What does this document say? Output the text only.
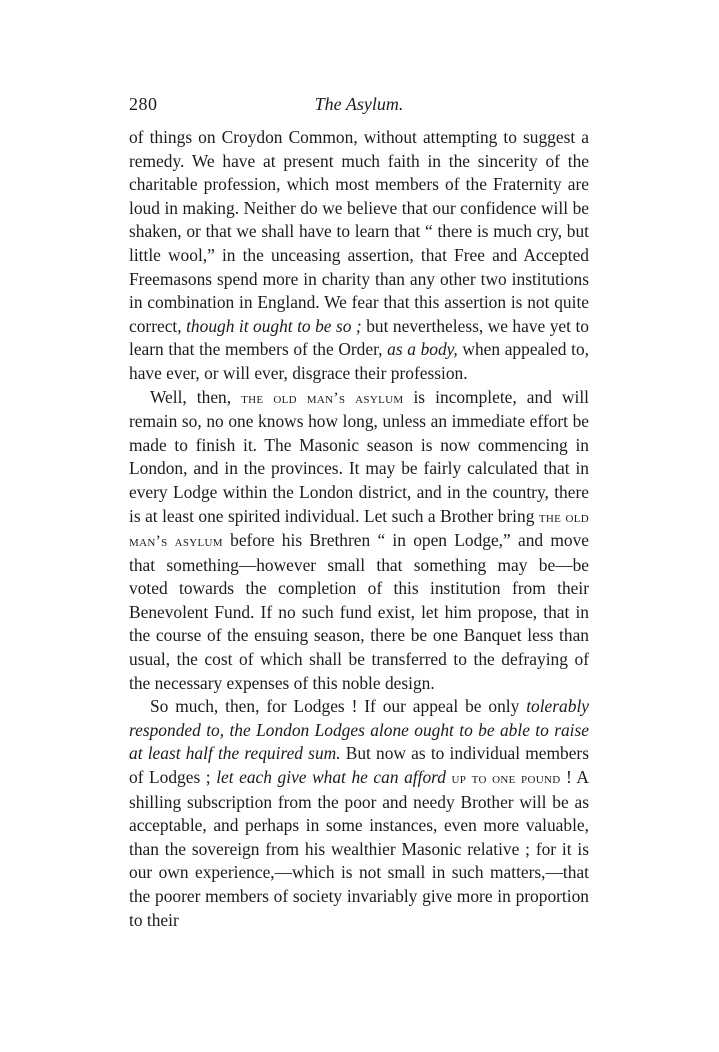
280	The Asylum.

of things on Croydon Common, without attempting to suggest a remedy. We have at present much faith in the sincerity of the charitable profession, which most members of the Fraternity are loud in making. Neither do we believe that our confidence will be shaken, or that we shall have to learn that “ there is much cry, but little wool,” in the unceasing assertion, that Free and Accepted Freemasons spend more in charity than any other two institutions in combination in England. We fear that this assertion is not quite correct, though it ought to be so ; but nevertheless, we have yet to learn that the members of the Order, as a body, when appealed to, have ever, or will ever, disgrace their profession.

Well, then, the old man’s asylum is incomplete, and will remain so, no one knows how long, unless an immediate effort be made to finish it. The Masonic season is now commencing in London, and in the provinces. It may be fairly calculated that in every Lodge within the London district, and in the country, there is at least one spirited individual. Let such a Brother bring the old man’s asylum before his Brethren “ in open Lodge,” and move that something—however small that something may be—be voted towards the completion of this institution from their Benevolent Fund. If no such fund exist, let him propose, that in the course of the ensuing season, there be one Banquet less than usual, the cost of which shall be transferred to the defraying of the necessary expenses of this noble design.

So much, then, for Lodges ! If our appeal be only tolerably responded to, the London Lodges alone ought to be able to raise at least half the required sum. But now as to individual members of Lodges ; let each give what he can afford up to one pound ! A shilling subscription from the poor and needy Brother will be as acceptable, and perhaps in some instances, even more valuable, than the sovereign from his wealthier Masonic relative ; for it is our own experience,—which is not small in such matters,—that the poorer members of society invariably give more in proportion to their
